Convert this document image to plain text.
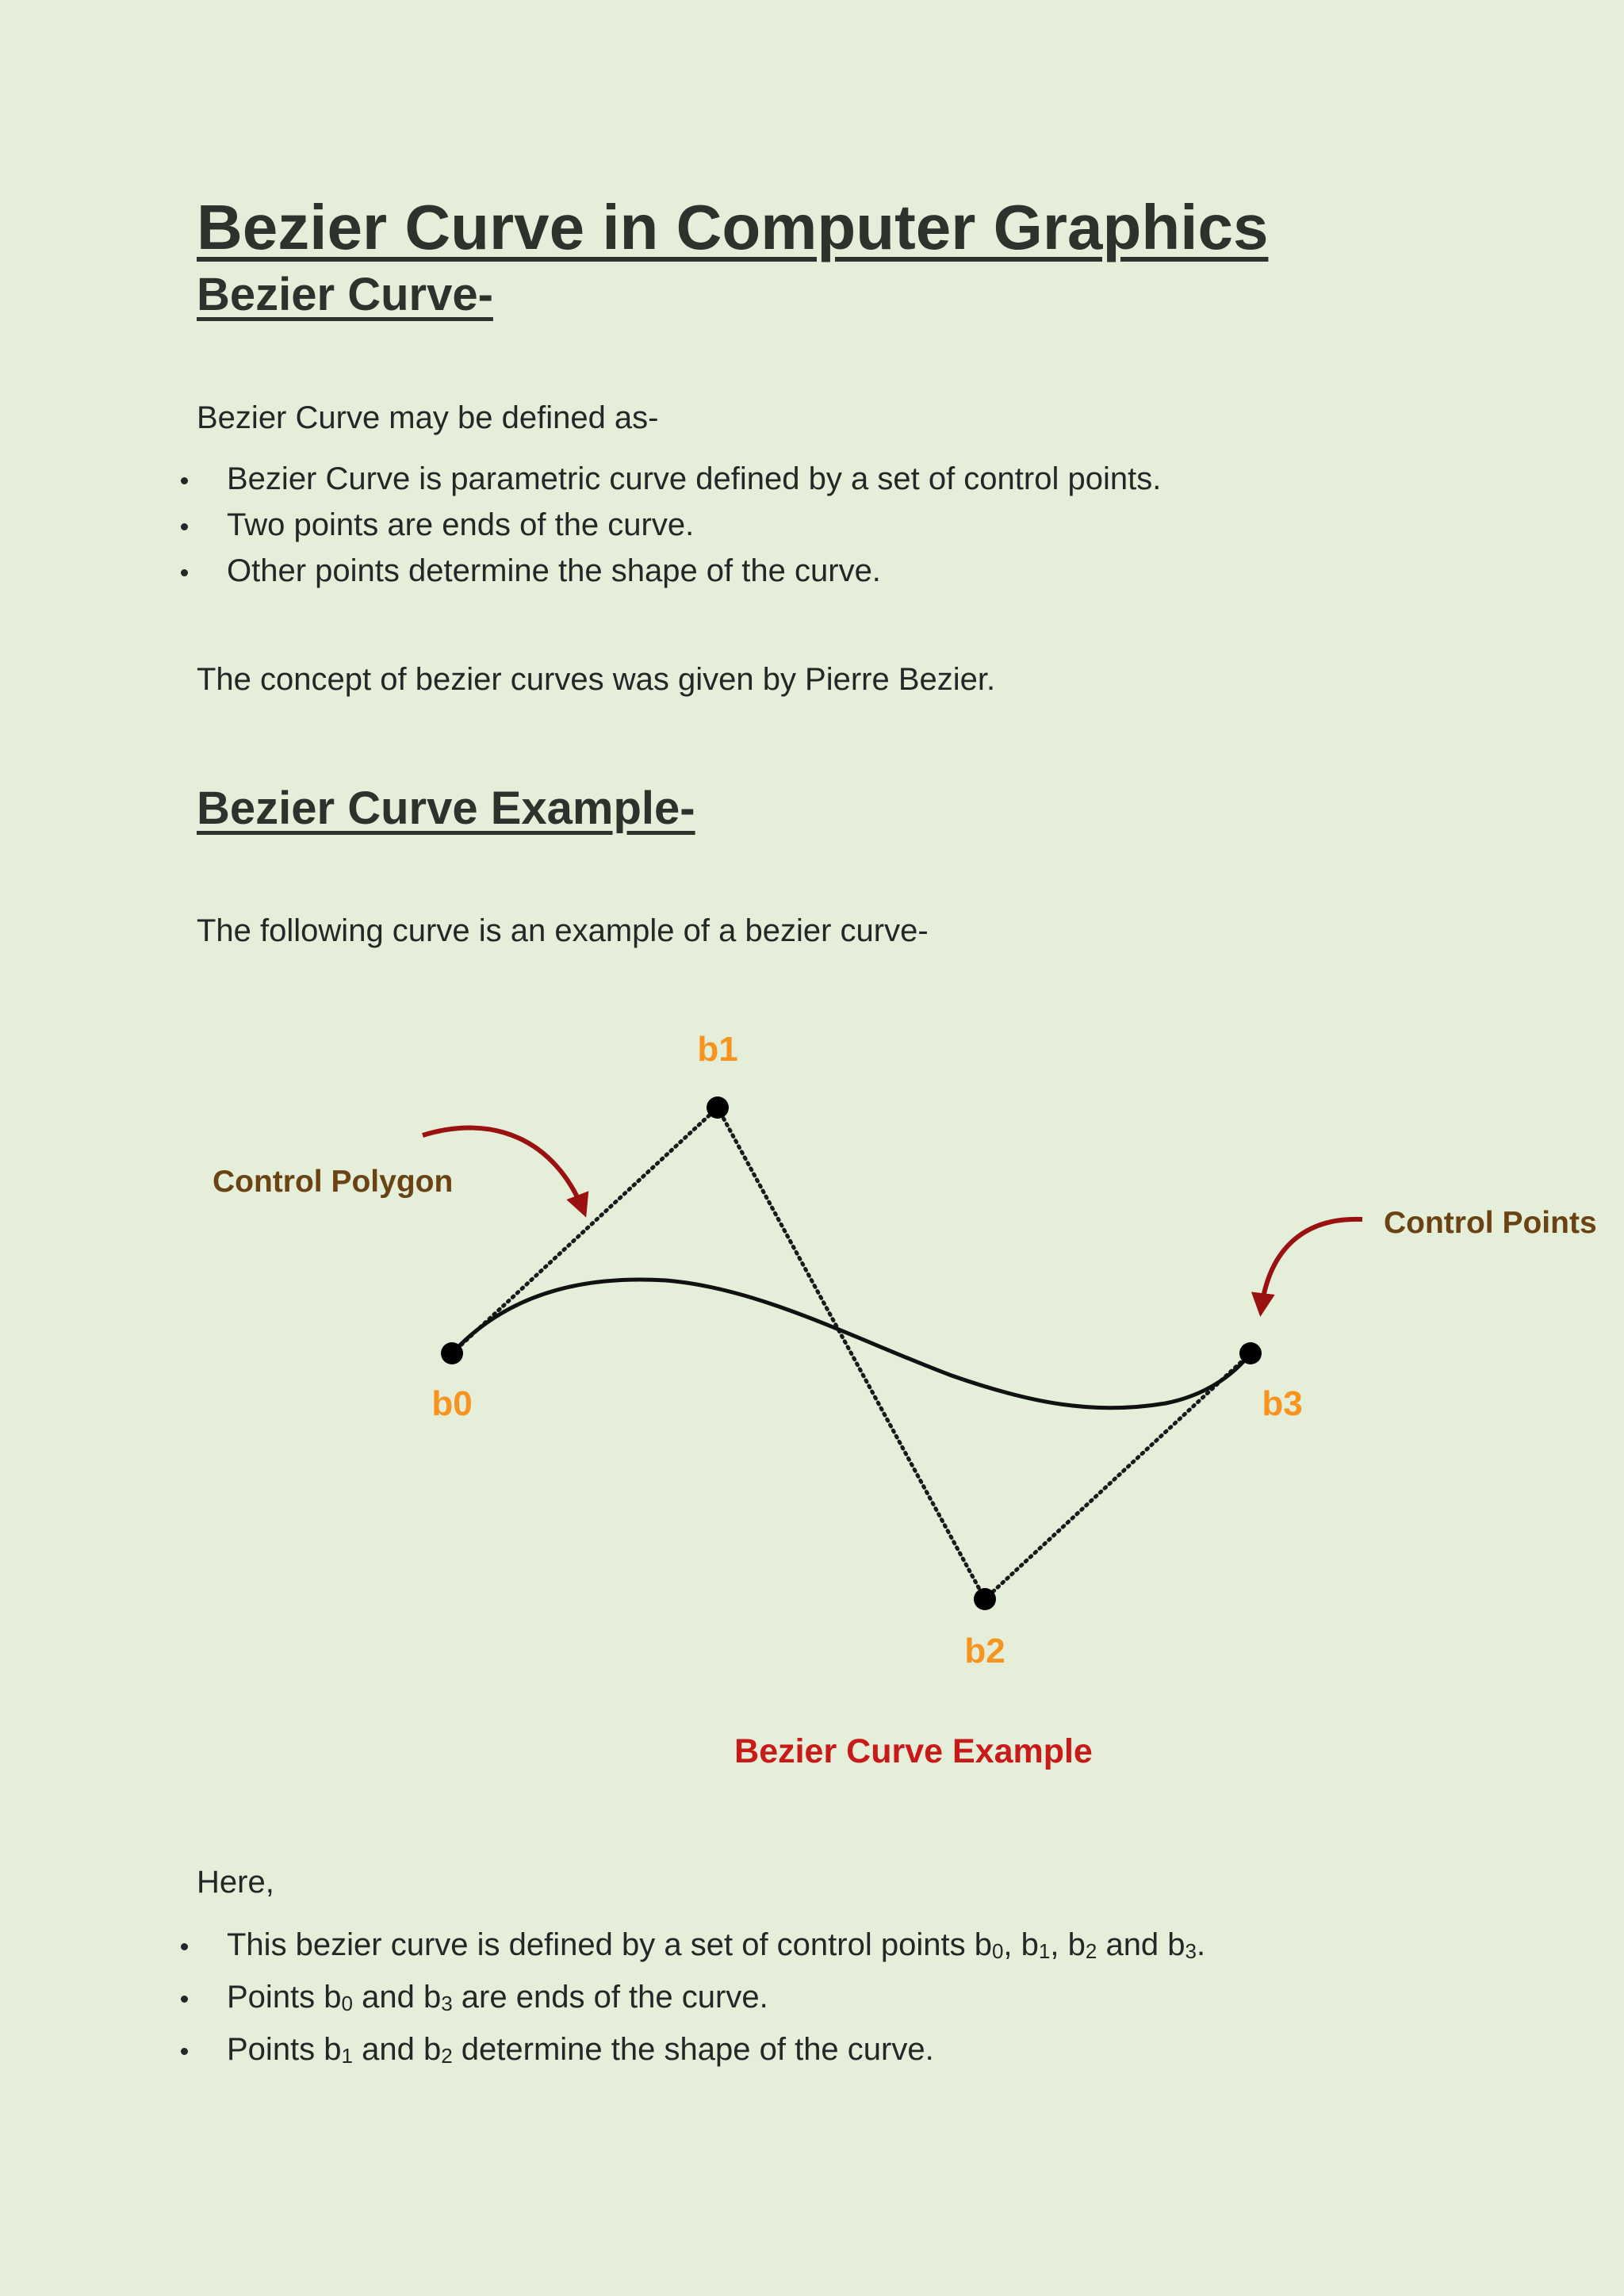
Bezier Curve in Computer Graphics
Bezier Curve-

Bezier Curve may be defined as-

Bezier Curve is parametric curve defined by a set of control points.
Two points are ends of the curve.
Other points determine the shape of the curve.

The concept of bezier curves was given by Pierre Bezier.

Bezier Curve Example-

The following curve is an example of a bezier curve-

b1
b0	b3
b2
Control Polygon
Control Points
Bezier Curve Example

Here,

This bezier curve is defined by a set of control points $b_0$, $b_1$, $b_2$ and $b_3$.
Points $b_0$ and $b_3$ are ends of the curve.
Points $b_1$ and $b_2$ determine the shape of the curve.
